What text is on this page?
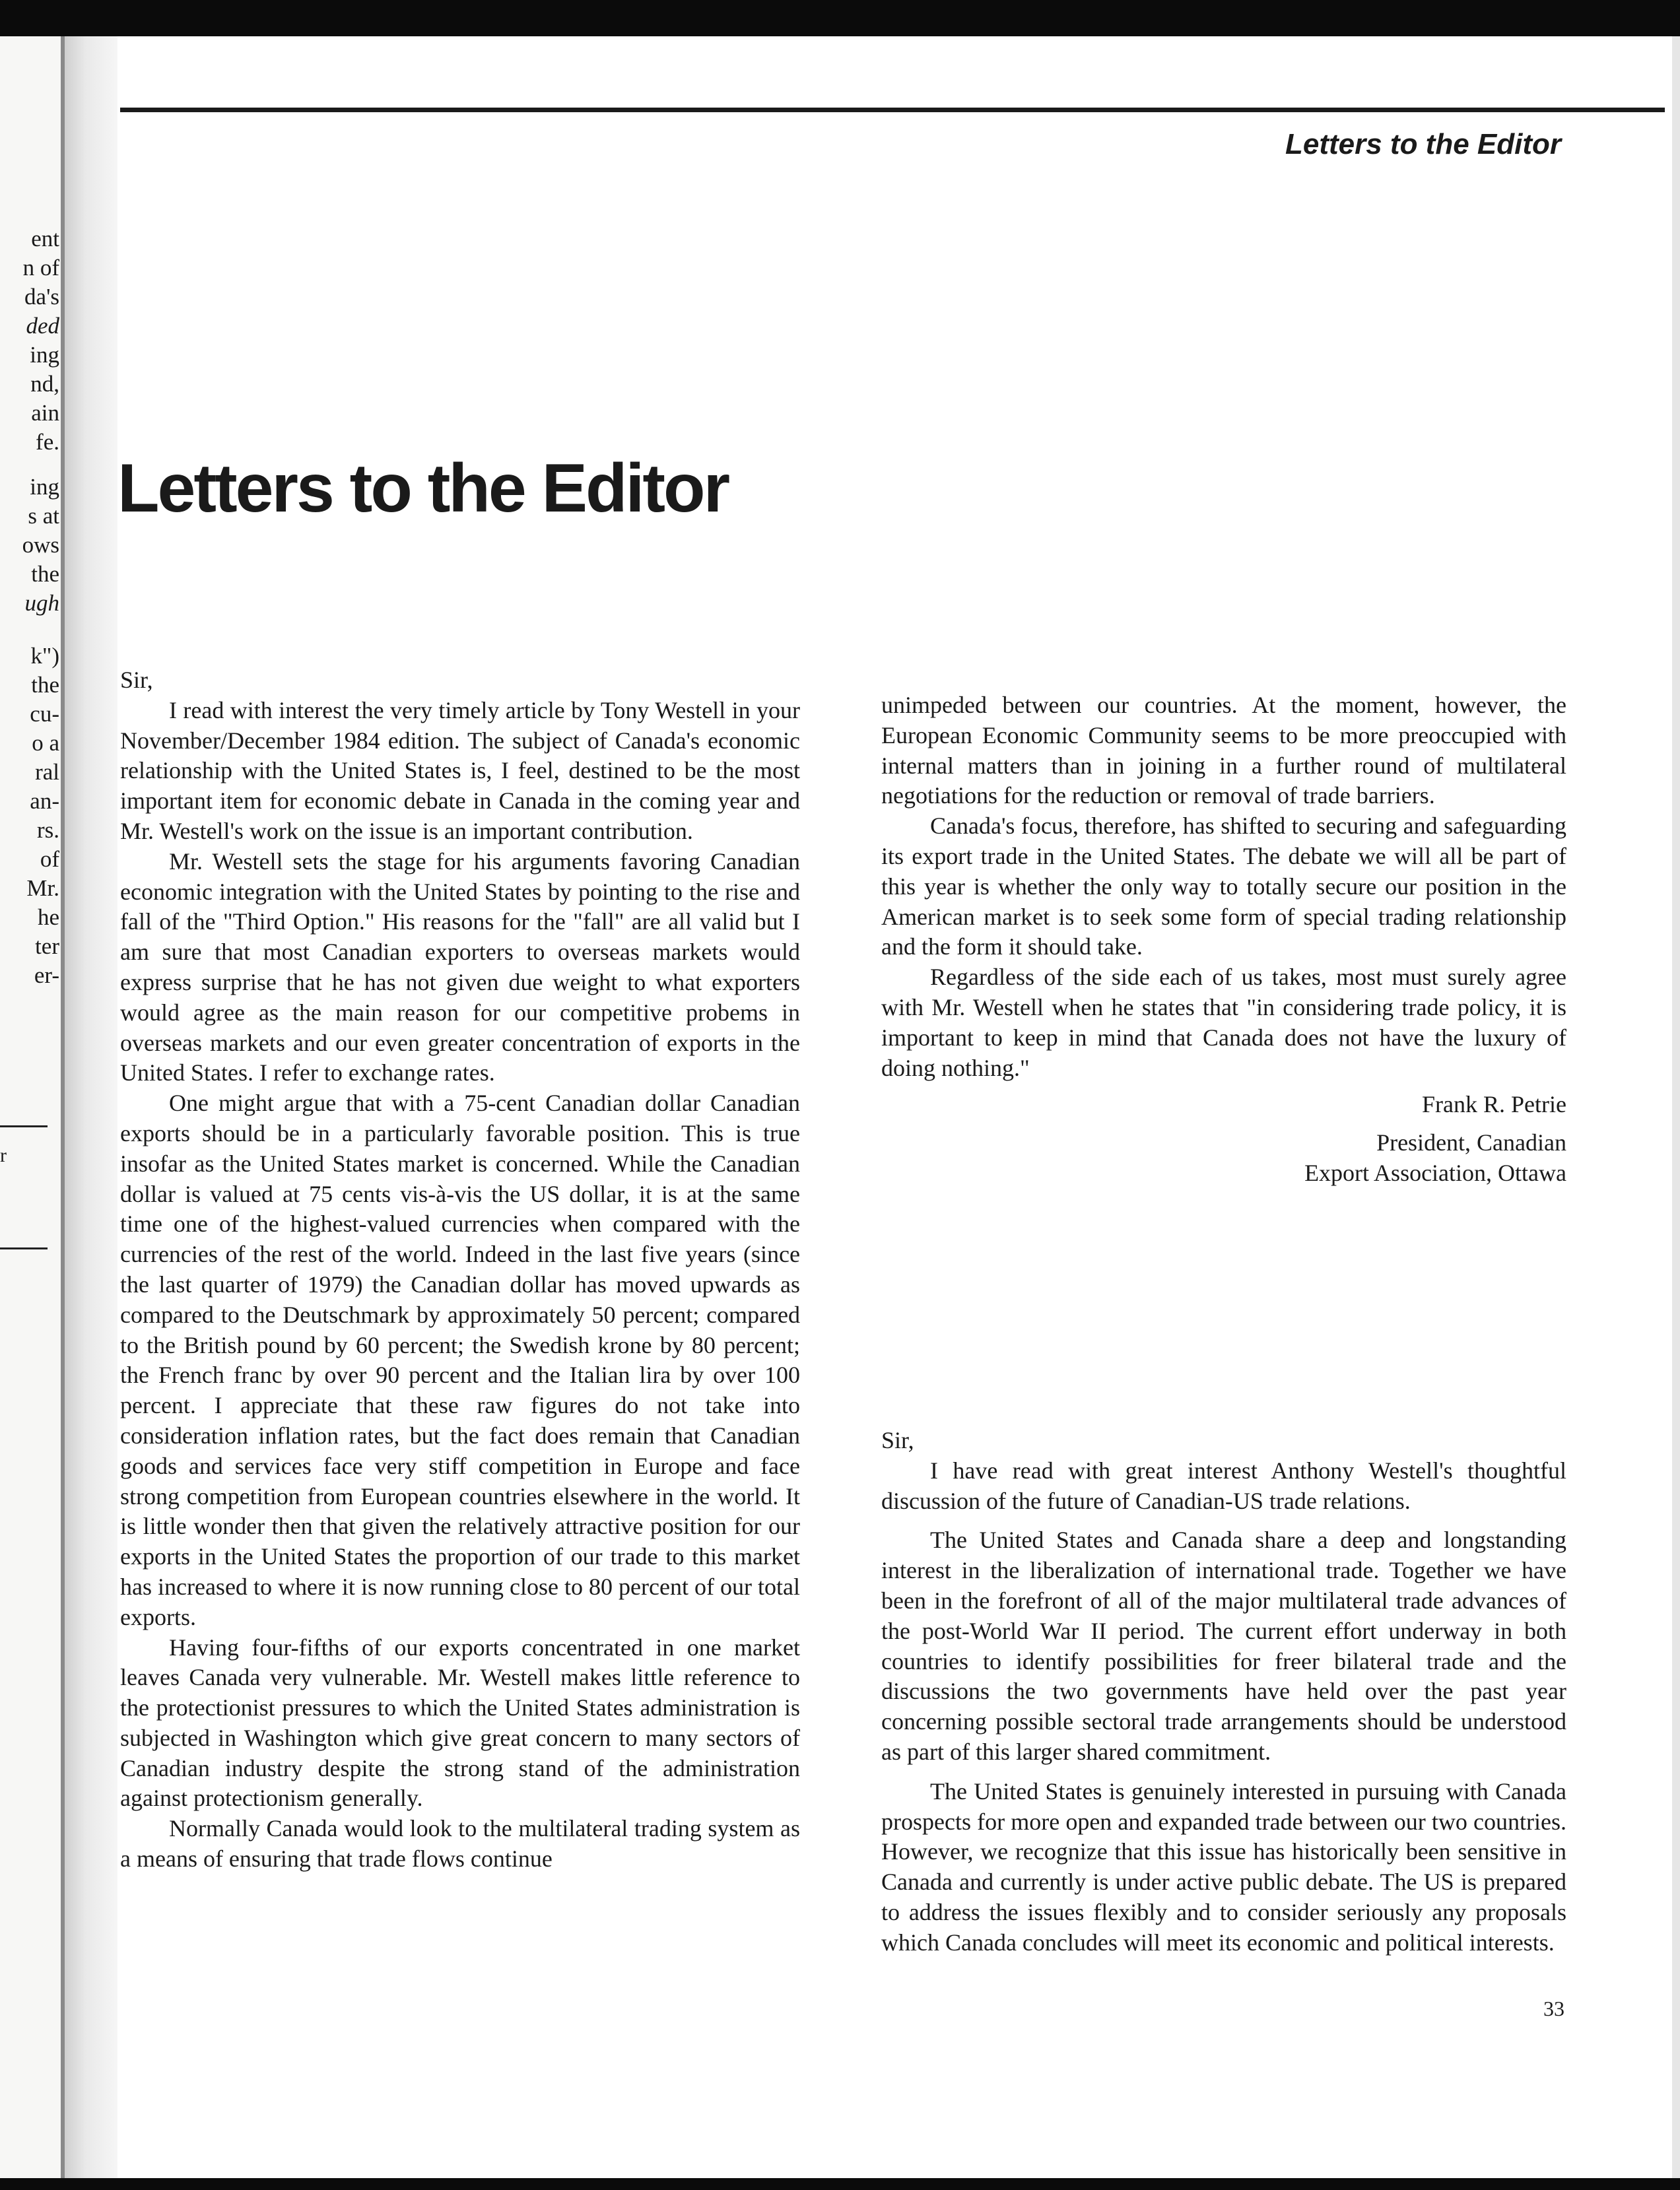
ent
n of
da's
ded
ing
nd,
ain
fe.
ing
s at
ows
the
ugh
k")
the
cu-
o a
ral
an-
rs.
of
Mr.
he
ter
er-
r
Letters to the Editor
Letters to the Editor

Sir,

I read with interest the very timely article by Tony Westell in your November/December 1984 edition. The subject of Canada's economic relationship with the United States is, I feel, destined to be the most important item for economic debate in Canada in the coming year and Mr. Westell's work on the issue is an important contribution.

Mr. Westell sets the stage for his arguments favoring Canadian economic integration with the United States by pointing to the rise and fall of the "Third Option." His reasons for the "fall" are all valid but I am sure that most Canadian exporters to overseas markets would express surprise that he has not given due weight to what exporters would agree as the main reason for our competitive probems in overseas markets and our even greater concentration of exports in the United States. I refer to exchange rates.

One might argue that with a 75-cent Canadian dollar Canadian exports should be in a particularly favorable position. This is true insofar as the United States market is concerned. While the Canadian dollar is valued at 75 cents vis-à-vis the US dollar, it is at the same time one of the highest-valued currencies when compared with the currencies of the rest of the world. Indeed in the last five years (since the last quarter of 1979) the Canadian dollar has moved upwards as compared to the Deutschmark by approximately 50 percent; compared to the British pound by 60 percent; the Swedish krone by 80 percent; the French franc by over 90 percent and the Italian lira by over 100 percent. I appreciate that these raw figures do not take into consideration inflation rates, but the fact does remain that Canadian goods and services face very stiff competition in Europe and face strong competition from European countries elsewhere in the world. It is little wonder then that given the relatively attractive position for our exports in the United States the proportion of our trade to this market has increased to where it is now running close to 80 percent of our total exports.

Having four-fifths of our exports concentrated in one market leaves Canada very vulnerable. Mr. Westell makes little reference to the protectionist pressures to which the United States administration is subjected in Washington which give great concern to many sectors of Canadian industry despite the strong stand of the administration against protectionism generally.

Normally Canada would look to the multilateral trading system as a means of ensuring that trade flows continue

unimpeded between our countries. At the moment, however, the European Economic Community seems to be more preoccupied with internal matters than in joining in a further round of multilateral negotiations for the reduction or removal of trade barriers.

Canada's focus, therefore, has shifted to securing and safeguarding its export trade in the United States. The debate we will all be part of this year is whether the only way to totally secure our position in the American market is to seek some form of special trading relationship and the form it should take.

Regardless of the side each of us takes, most must surely agree with Mr. Westell when he states that "in considering trade policy, it is important to keep in mind that Canada does not have the luxury of doing nothing."

Frank R. Petrie

President, Canadian

Export Association, Ottawa

Sir,

I have read with great interest Anthony Westell's thoughtful discussion of the future of Canadian-US trade relations.

The United States and Canada share a deep and longstanding interest in the liberalization of international trade. Together we have been in the forefront of all of the major multilateral trade advances of the post-World War II period. The current effort underway in both countries to identify possibilities for freer bilateral trade and the discussions the two governments have held over the past year concerning possible sectoral trade arrangements should be understood as part of this larger shared commitment.

The United States is genuinely interested in pursuing with Canada prospects for more open and expanded trade between our two countries. However, we recognize that this issue has historically been sensitive in Canada and currently is under active public debate. The US is prepared to address the issues flexibly and to consider seriously any proposals which Canada concludes will meet its economic and political interests.

33
